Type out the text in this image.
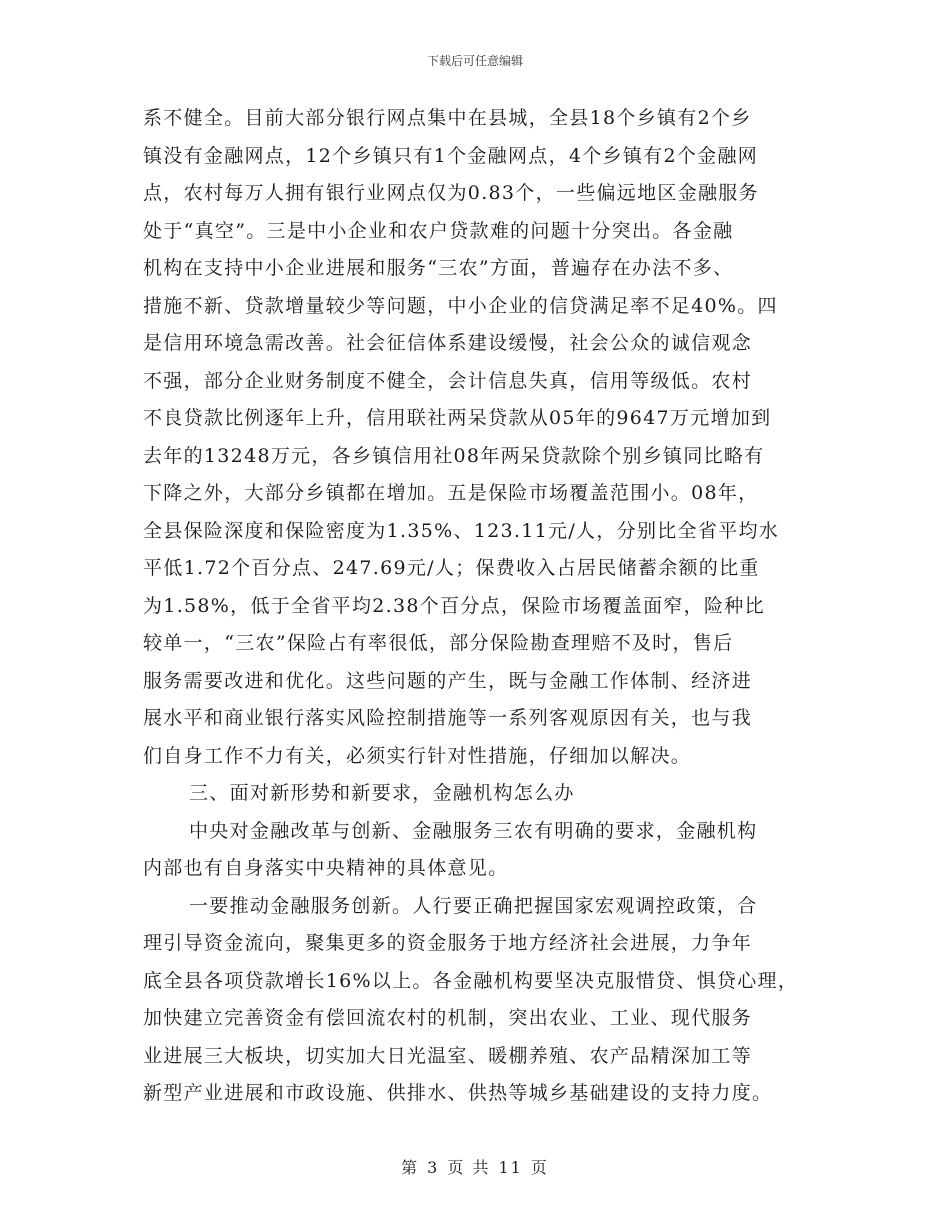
下载后可任意编辑
系不健全。目前大部分银行网点集中在县城，全县18个乡镇有2个乡
镇没有金融网点，12个乡镇只有1个金融网点，4个乡镇有2个金融网
点，农村每万人拥有银行业网点仅为0.83个，一些偏远地区金融服务
处于“真空”。三是中小企业和农户贷款难的问题十分突出。各金融
机构在支持中小企业进展和服务“三农”方面，普遍存在办法不多、
措施不新、贷款增量较少等问题，中小企业的信贷满足率不足40%。四
是信用环境急需改善。社会征信体系建设缓慢，社会公众的诚信观念
不强，部分企业财务制度不健全，会计信息失真，信用等级低。农村
不良贷款比例逐年上升，信用联社两呆贷款从05年的9647万元增加到
去年的13248万元，各乡镇信用社08年两呆贷款除个别乡镇同比略有
下降之外，大部分乡镇都在增加。五是保险市场覆盖范围小。08年，
全县保险深度和保险密度为1.35%、123.11元/人，分别比全省平均水
平低1.72个百分点、247.69元/人；保费收入占居民储蓄余额的比重
为1.58%，低于全省平均2.38个百分点，保险市场覆盖面窄，险种比
较单一，“三农”保险占有率很低，部分保险勘查理赔不及时，售后
服务需要改进和优化。这些问题的产生，既与金融工作体制、经济进
展水平和商业银行落实风险控制措施等一系列客观原因有关，也与我
们自身工作不力有关，必须实行针对性措施，仔细加以解决。
三、面对新形势和新要求，金融机构怎么办
中央对金融改革与创新、金融服务三农有明确的要求，金融机构
内部也有自身落实中央精神的具体意见。
一要推动金融服务创新。人行要正确把握国家宏观调控政策，合
理引导资金流向，聚集更多的资金服务于地方经济社会进展，力争年
底全县各项贷款增长16%以上。各金融机构要坚决克服惜贷、惧贷心理，
加快建立完善资金有偿回流农村的机制，突出农业、工业、现代服务
业进展三大板块，切实加大日光温室、暖棚养殖、农产品精深加工等
新型产业进展和市政设施、供排水、供热等城乡基础建设的支持力度。
第 3 页 共 11 页
